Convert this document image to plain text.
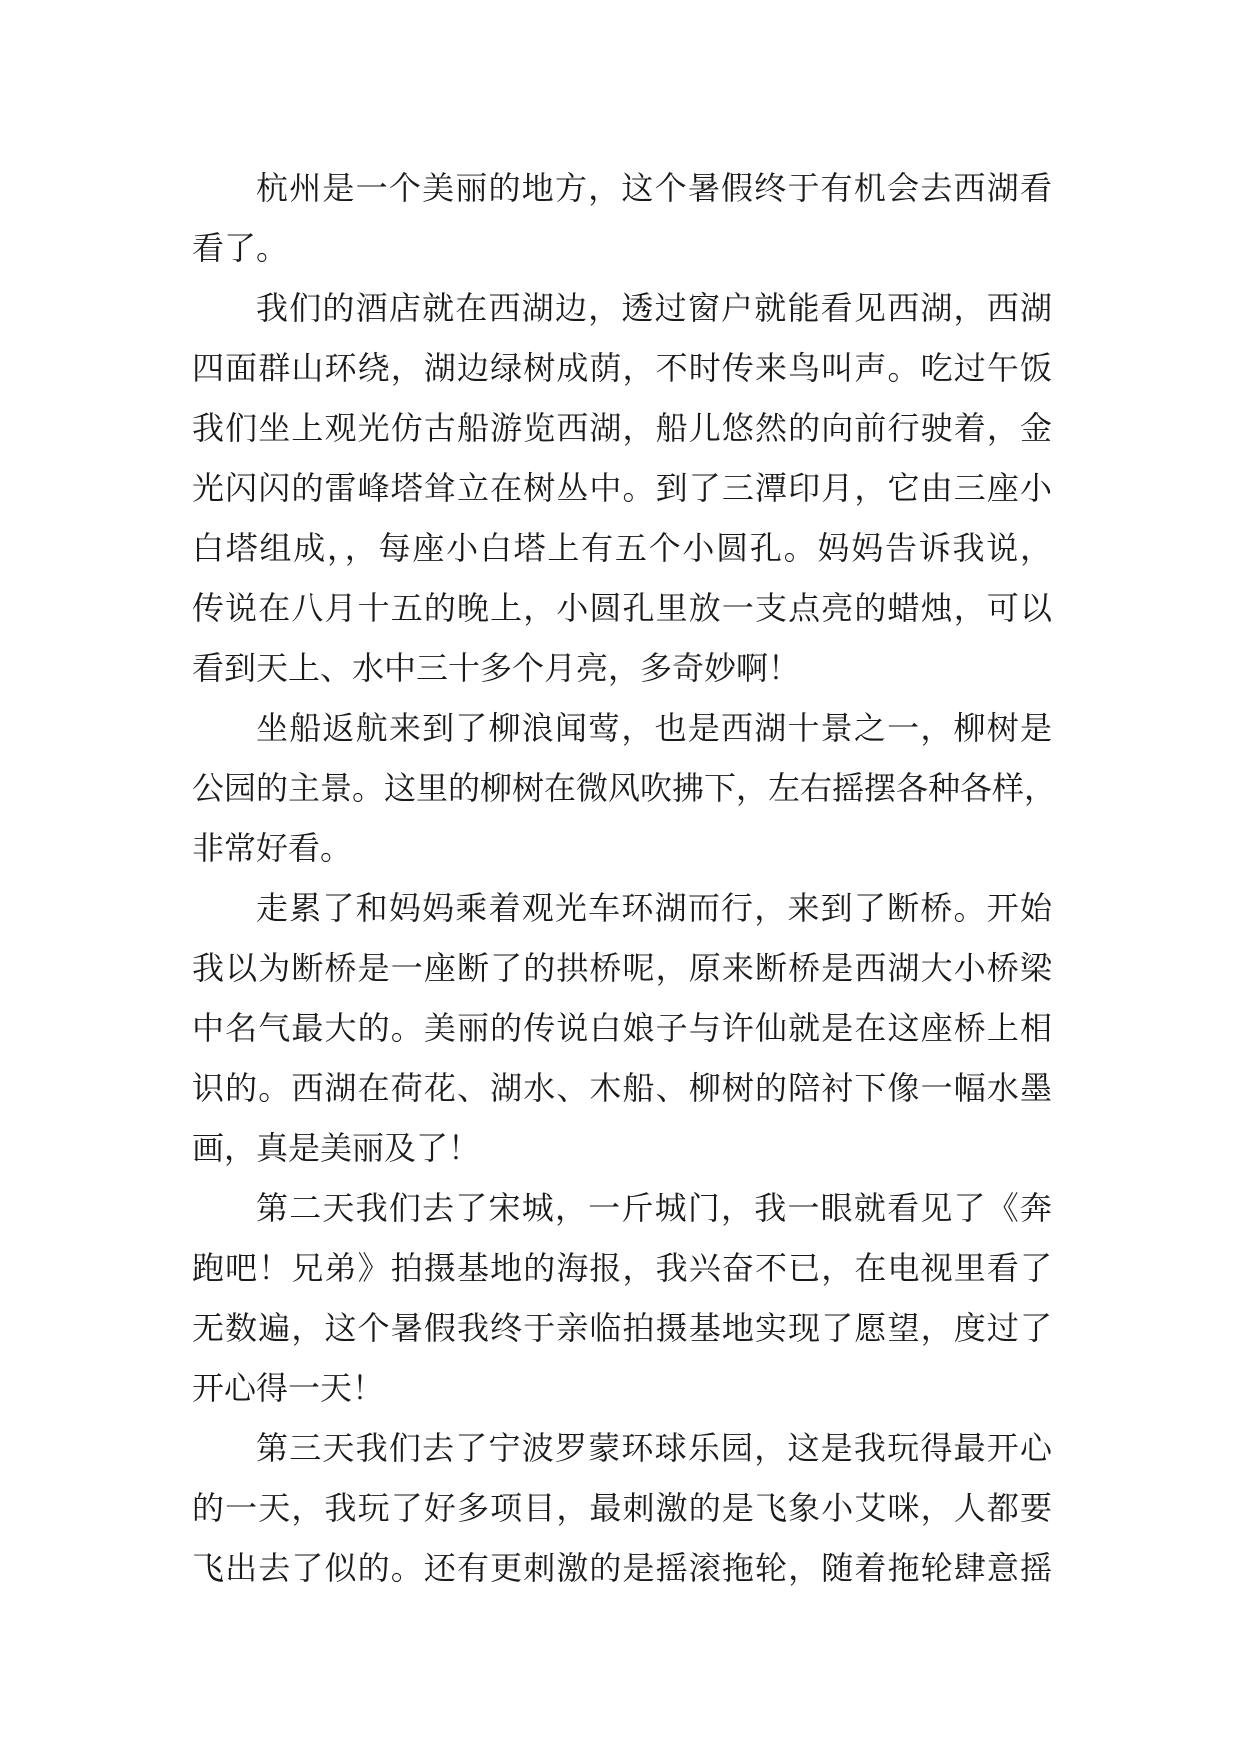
杭州是一个美丽的地方，这个暑假终于有机会去西湖看
看了。
我们的酒店就在西湖边，透过窗户就能看见西湖，西湖
四面群山环绕，湖边绿树成荫，不时传来鸟叫声。吃过午饭
我们坐上观光仿古船游览西湖，船儿悠然的向前行驶着，金
光闪闪的雷峰塔耸立在树丛中。到了三潭印月，它由三座小
白塔组成，，每座小白塔上有五个小圆孔。妈妈告诉我说，
传说在八月十五的晚上，小圆孔里放一支点亮的蜡烛，可以
看到天上、水中三十多个月亮，多奇妙啊！
坐船返航来到了柳浪闻莺，也是西湖十景之一，柳树是
公园的主景。这里的柳树在微风吹拂下，左右摇摆各种各样，
非常好看。
走累了和妈妈乘着观光车环湖而行，来到了断桥。开始
我以为断桥是一座断了的拱桥呢，原来断桥是西湖大小桥梁
中名气最大的。美丽的传说白娘子与许仙就是在这座桥上相
识的。西湖在荷花、湖水、木船、柳树的陪衬下像一幅水墨
画，真是美丽及了！
第二天我们去了宋城，一斤城门，我一眼就看见了《奔
跑吧！兄弟》拍摄基地的海报，我兴奋不已，在电视里看了
无数遍，这个暑假我终于亲临拍摄基地实现了愿望，度过了
开心得一天！
第三天我们去了宁波罗蒙环球乐园，这是我玩得最开心
的一天，我玩了好多项目，最刺激的是飞象小艾咪，人都要
飞出去了似的。还有更刺激的是摇滚拖轮，随着拖轮肆意摇
